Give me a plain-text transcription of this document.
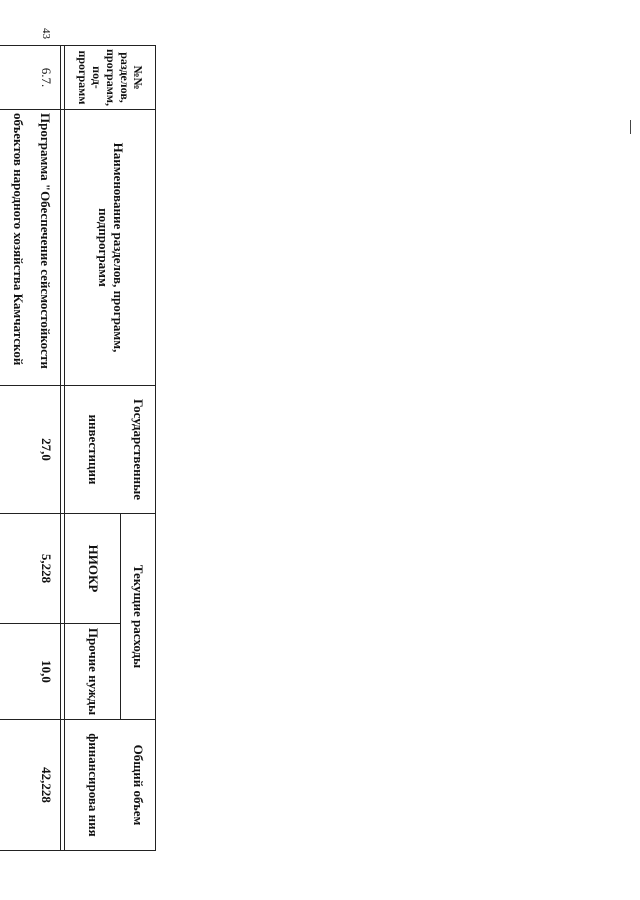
43
№№ разделов, программ, под-программ	Наименование разделов, программ, подпрограмм	Государственные	Текущие расходы		Общий объем
		инвестиции	НИОКР	Прочие нужды	финансирова ния

6.7.	Программа "Обеспечение сейсмостойкости объектов народного хозяйства Камчатской	27,0	5,228	10,0	42,228
